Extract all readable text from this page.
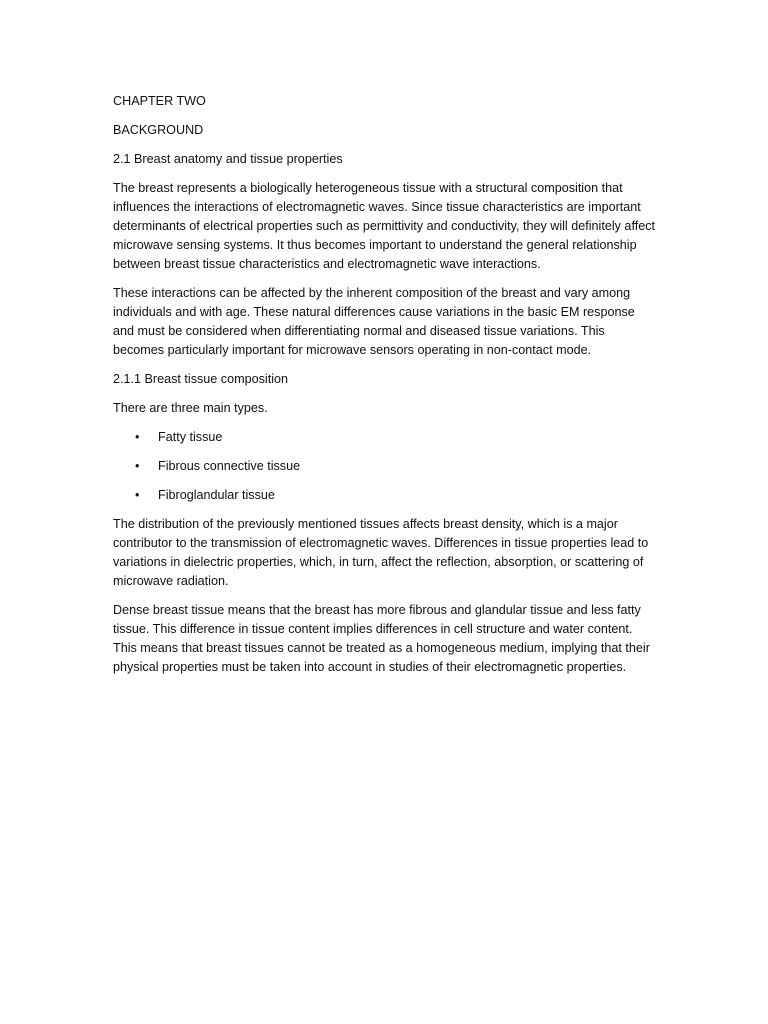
CHAPTER TWO

BACKGROUND

2.1 Breast anatomy and tissue properties

The breast represents a biologically heterogeneous tissue with a structural composition that influences the interactions of electromagnetic waves. Since tissue characteristics are important determinants of electrical properties such as permittivity and conductivity, they will definitely affect microwave sensing systems. It thus becomes important to understand the general relationship between breast tissue characteristics and electromagnetic wave interactions.

These interactions can be affected by the inherent composition of the breast and vary among individuals and with age. These natural differences cause variations in the basic EM response and must be considered when differentiating normal and diseased tissue variations. This becomes particularly important for microwave sensors operating in non-contact mode.

2.1.1 Breast tissue composition

There are three main types.

• Fatty tissue
• Fibrous connective tissue
• Fibroglandular tissue

The distribution of the previously mentioned tissues affects breast density, which is a major contributor to the transmission of electromagnetic waves. Differences in tissue properties lead to variations in dielectric properties, which, in turn, affect the reflection, absorption, or scattering of microwave radiation.

Dense breast tissue means that the breast has more fibrous and glandular tissue and less fatty tissue. This difference in tissue content implies differences in cell structure and water content. This means that breast tissues cannot be treated as a homogeneous medium, implying that their physical properties must be taken into account in studies of their electromagnetic properties.
